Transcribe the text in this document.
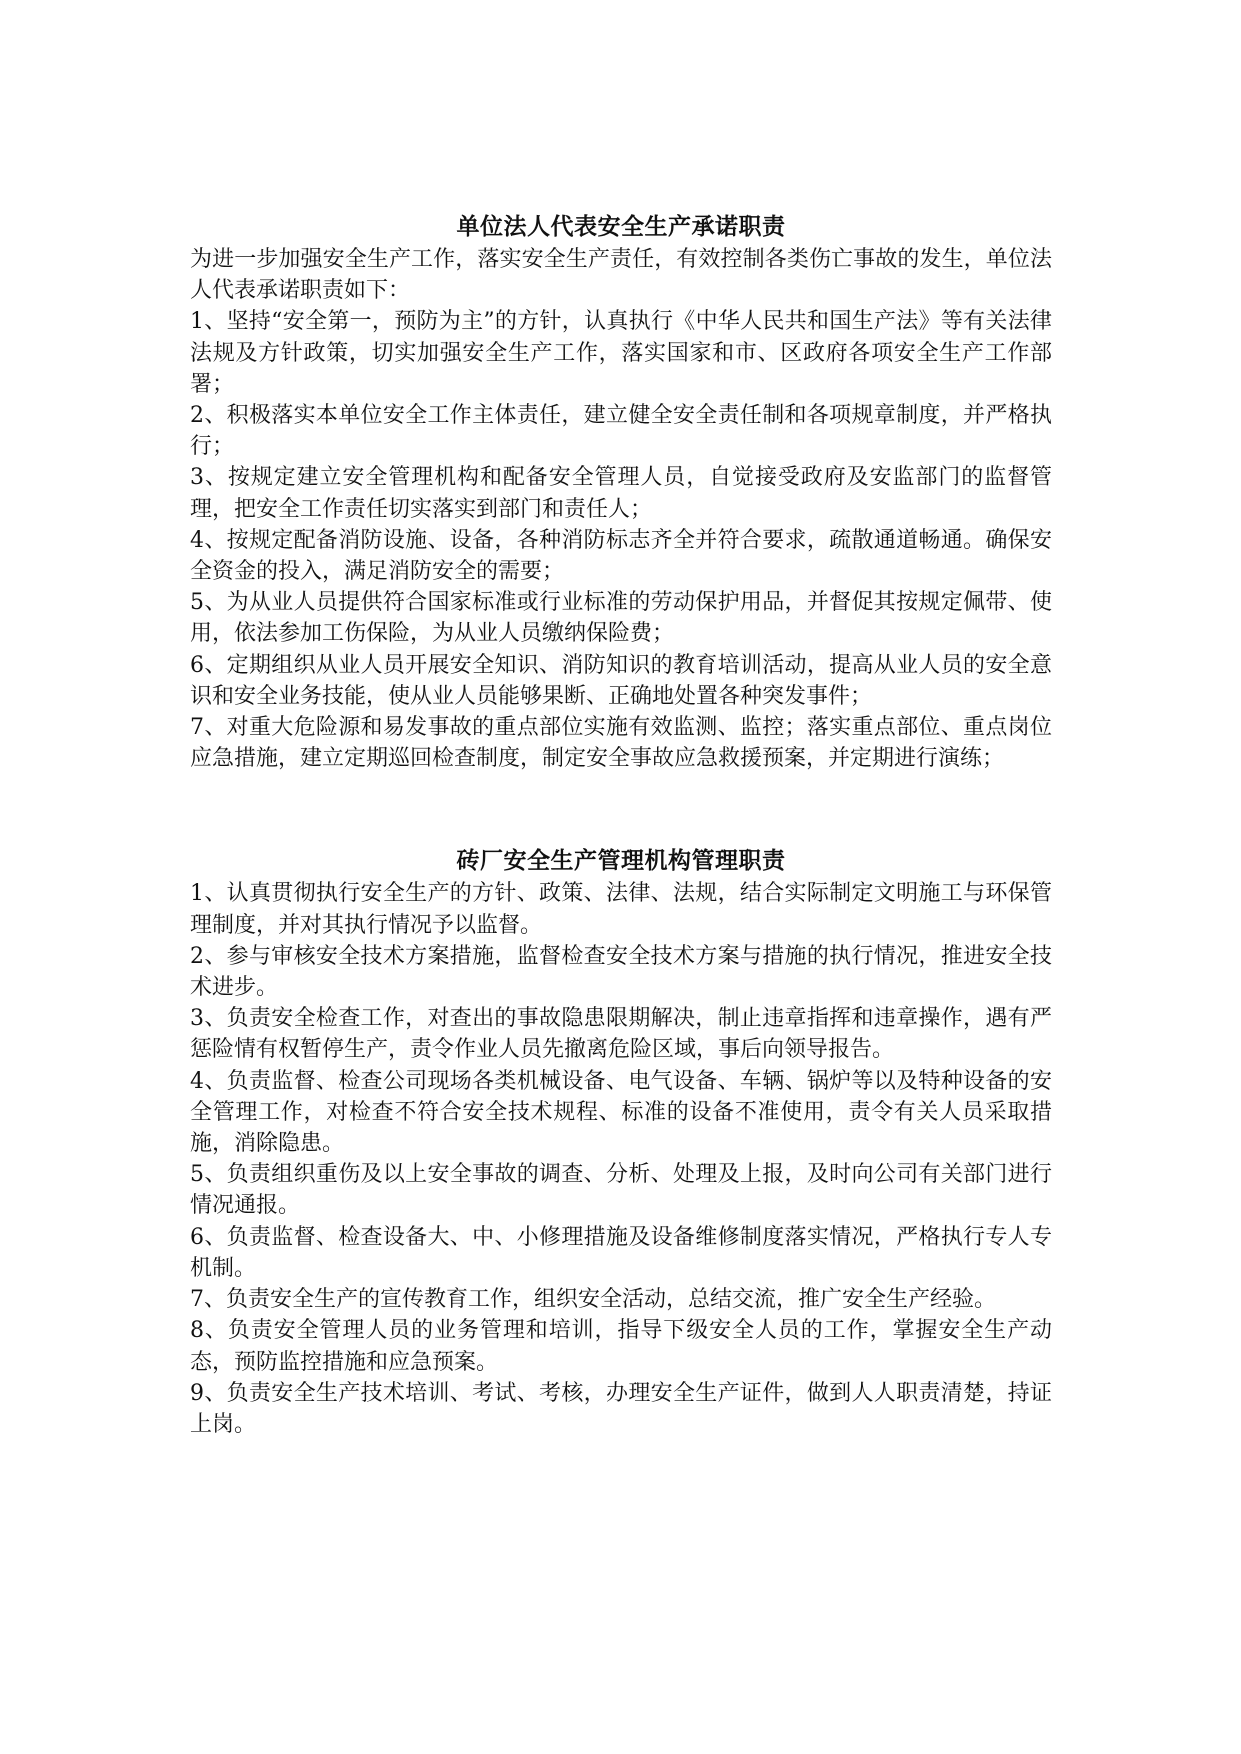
单位法人代表安全生产承诺职责

为进一步加强安全生产工作，落实安全生产责任，有效控制各类伤亡事故的发生，单位法人代表承诺职责如下：

1、坚持“安全第一，预防为主”的方针，认真执行《中华人民共和国生产法》等有关法律法规及方针政策，切实加强安全生产工作，落实国家和市、区政府各项安全生产工作部署；

2、积极落实本单位安全工作主体责任，建立健全安全责任制和各项规章制度，并严格执行；

3、按规定建立安全管理机构和配备安全管理人员，自觉接受政府及安监部门的监督管理，把安全工作责任切实落实到部门和责任人；

4、按规定配备消防设施、设备，各种消防标志齐全并符合要求，疏散通道畅通。确保安全资金的投入，满足消防安全的需要；

5、为从业人员提供符合国家标准或行业标准的劳动保护用品，并督促其按规定佩带、使用，依法参加工伤保险，为从业人员缴纳保险费；

6、定期组织从业人员开展安全知识、消防知识的教育培训活动，提高从业人员的安全意识和安全业务技能，使从业人员能够果断、正确地处置各种突发事件；

7、对重大危险源和易发事故的重点部位实施有效监测、监控；落实重点部位、重点岗位应急措施，建立定期巡回检查制度，制定安全事故应急救援预案，并定期进行演练；

砖厂安全生产管理机构管理职责

1、认真贯彻执行安全生产的方针、政策、法律、法规，结合实际制定文明施工与环保管理制度，并对其执行情况予以监督。

2、参与审核安全技术方案措施，监督检查安全技术方案与措施的执行情况，推进安全技术进步。

3、负责安全检查工作，对查出的事故隐患限期解决，制止违章指挥和违章操作，遇有严惩险情有权暂停生产，责令作业人员先撤离危险区域，事后向领导报告。

4、负责监督、检查公司现场各类机械设备、电气设备、车辆、锅炉等以及特种设备的安全管理工作，对检查不符合安全技术规程、标准的设备不准使用，责令有关人员采取措施，消除隐患。

5、负责组织重伤及以上安全事故的调查、分析、处理及上报，及时向公司有关部门进行情况通报。

6、负责监督、检查设备大、中、小修理措施及设备维修制度落实情况，严格执行专人专机制。

7、负责安全生产的宣传教育工作，组织安全活动，总结交流，推广安全生产经验。

8、负责安全管理人员的业务管理和培训，指导下级安全人员的工作，掌握安全生产动态，预防监控措施和应急预案。

9、负责安全生产技术培训、考试、考核，办理安全生产证件，做到人人职责清楚，持证上岗。
